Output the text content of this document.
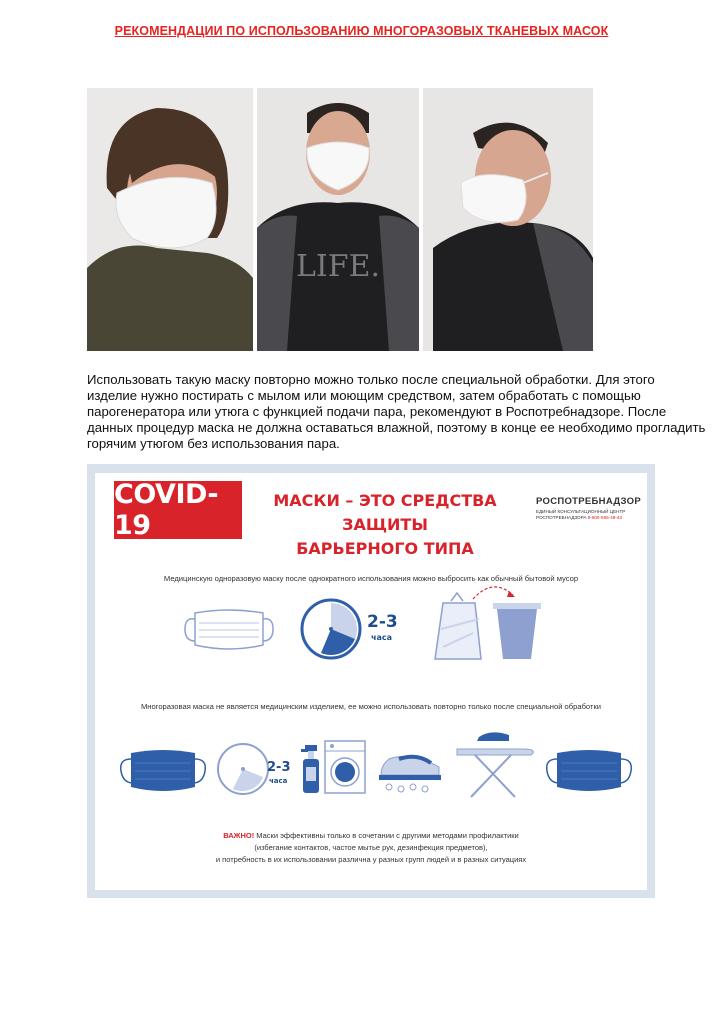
РЕКОМЕНДАЦИИ ПО ИСПОЛЬЗОВАНИЮ МНОГОРАЗОВЫХ ТКАНЕВЫХ МАСОК
LIFE.
Использовать такую маску повторно можно только после специальной обработки. Для этого изделие нужно постирать с мылом или моющим средством, затем обработать с помощью парогенератора или утюга с функцией подачи пара, рекомендуют в Роспотребнадзоре. После данных процедур маска не должна оставаться влажной, поэтому в конце ее необходимо прогладить горячим утюгом без использования пара.
COVID-19
МАСКИ – ЭТО СРЕДСТВА ЗАЩИТЫ
БАРЬЕРНОГО ТИПА
РОСПОТРЕБНАДЗОР
ЕДИНЫЙ КОНСУЛЬТАЦИОННЫЙ ЦЕНТР
РОСПОТРЕБНАДЗОРА 8-800-555-49-43
Медицинскую одноразовую маску после однократного использования можно выбросить как обычный бытовой мусор
2-3
часа
Многоразовая маска не является медицинским изделием, ее можно использовать повторно только после специальной обработки
2-3
часа
ВАЖНО! Маски эффективны только в сочетании с другими методами профилактики
(избегание контактов, частое мытье рук, дезинфекция предметов),
и потребность в их использовании различна у разных групп людей и в разных ситуациях
